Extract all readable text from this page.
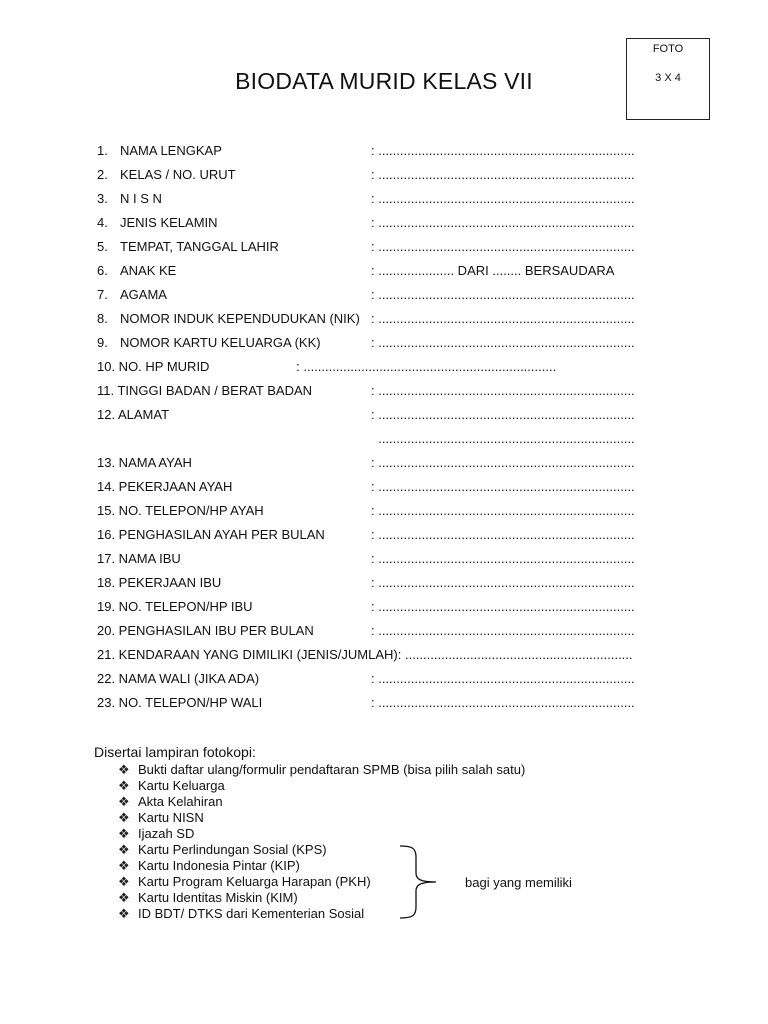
FOTO
3 X 4
BIODATA MURID KELAS VII
1. NAMA LENGKAP	: .......................................................................
2. KELAS / NO. URUT	: .......................................................................
3. N I S N	: .......................................................................
4. JENIS KELAMIN	: .......................................................................
5. TEMPAT, TANGGAL LAHIR	: .......................................................................
6. ANAK KE	: ..................... DARI ........ BERSAUDARA
7. AGAMA	: .......................................................................
8. NOMOR INDUK KEPENDUDUKAN (NIK) : .......................................................................
9. NOMOR KARTU KELUARGA (KK)	: .......................................................................
10. NO. HP MURID                        : ......................................................................
11. TINGGI BADAN / BERAT BADAN	: .......................................................................
12. ALAMAT	: .......................................................................
.......................................................................
13. NAMA AYAH	: .......................................................................
14. PEKERJAAN AYAH	: .......................................................................
15. NO. TELEPON/HP AYAH	: .......................................................................
16. PENGHASILAN AYAH PER BULAN	: .......................................................................
17. NAMA IBU	: .......................................................................
18. PEKERJAAN IBU	: .......................................................................
19. NO. TELEPON/HP IBU	: .......................................................................
20. PENGHASILAN IBU PER BULAN	: .......................................................................
21. KENDARAAN YANG DIMILIKI (JENIS/JUMLAH): ...............................................................
22. NAMA WALI (JIKA ADA)	: .......................................................................
23. NO. TELEPON/HP WALI	: .......................................................................
Disertai lampiran fotokopi:
❖ Bukti daftar ulang/formulir pendaftaran SPMB (bisa pilih salah satu)
❖ Kartu Keluarga
❖ Akta Kelahiran
❖ Kartu NISN
❖ Ijazah SD
❖ Kartu Perlindungan Sosial (KPS)
❖ Kartu Indonesia Pintar (KIP)
❖ Kartu Program Keluarga Harapan (PKH)
❖ Kartu Identitas Miskin (KIM)
❖ ID BDT/ DTKS dari Kementerian Sosial
bagi yang memiliki
